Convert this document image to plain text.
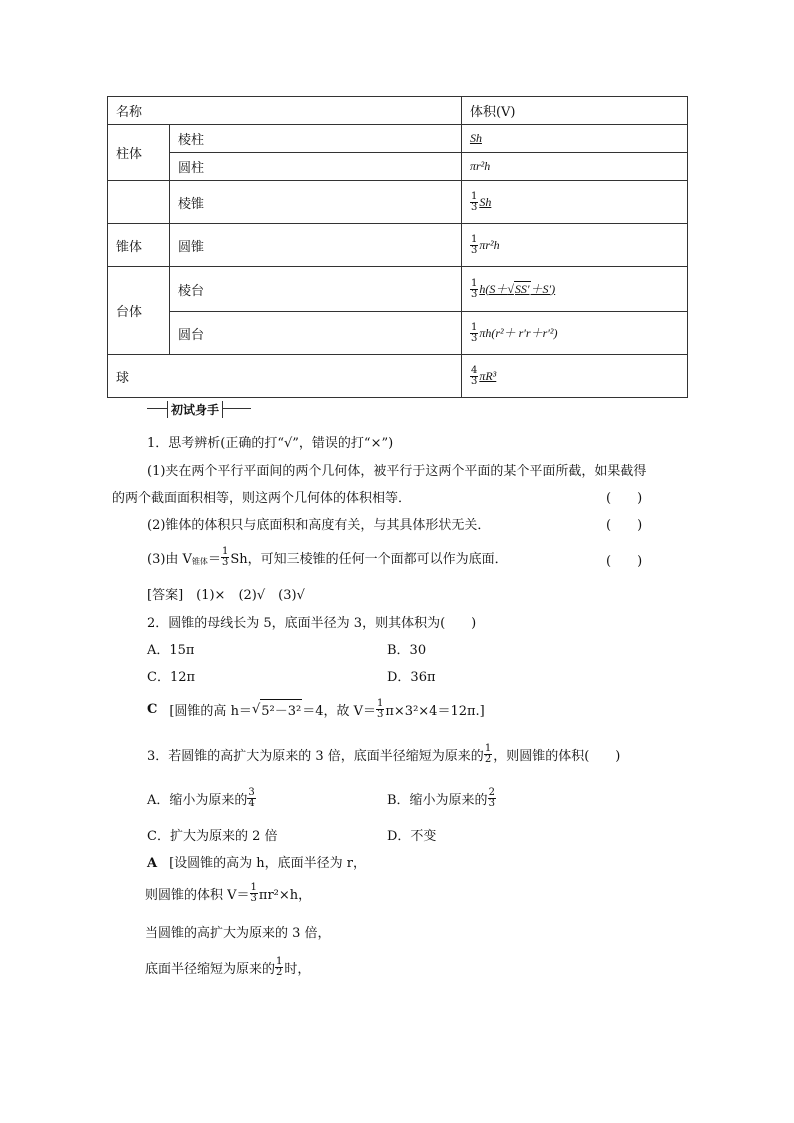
名称		体积(V)
柱体	棱柱	Sh
	圆柱	πr²h
	棱锥	$\frac{1}{3}$ Sh
锥体	圆锥	$\frac{1}{3} \pi r^2h$
台体	棱台	$\frac{1}{3} h(S+√SS'+S')$
	圆台	$\frac{1}{3} \pi h(r^2+ r'r+r'^2)$
球		$\frac{4}{3} \pi R^3$
初试身手
1．思考辨析(正确的打“√”，错误的打“×”)
(1)夹在两个平行平面间的两个几何体，被平行于这两个平面的某个平面所截，如果截得
的两个截面面积相等，则这两个几何体的体积相等．	(　　)
(2)锥体的体积只与底面积和高度有关，与其具体形状无关．	(　　)
(3)由 V 锥体 ＝ $\frac{1}{3}$ Sh，可知三棱锥的任何一个面都可以作为底面．	(　　)
[答案]　(1)×　(2)√　(3)√
2．圆锥的母线长为 5，底面半径为 3，则其体积为(　　)
A．15π	B．30
C．12π	D．36π
C [圆锥的高 h＝ √ 5²－3² ＝4，故 $V= \frac{1}{3} \pi\times 3^2\times 4=12\pi$.]
3．若圆锥的高扩大为原来的 3 倍，底面半径缩短为原来的 $\frac{1}{2}$ ，则圆锥的体积(　　)
A．缩小为原来的 $\frac{3}{4}$	B．缩小为原来的 $\frac{2}{3}$
C．扩大为原来的 2 倍	D．不变
A [设圆锥的高为 h，底面半径为 r，
则圆锥的体积 $V= \frac{1}{3} \pi r^2\times h$，
当圆锥的高扩大为原来的 3 倍，
底面半径缩短为原来的 $\frac{1}{2}$ 时，
